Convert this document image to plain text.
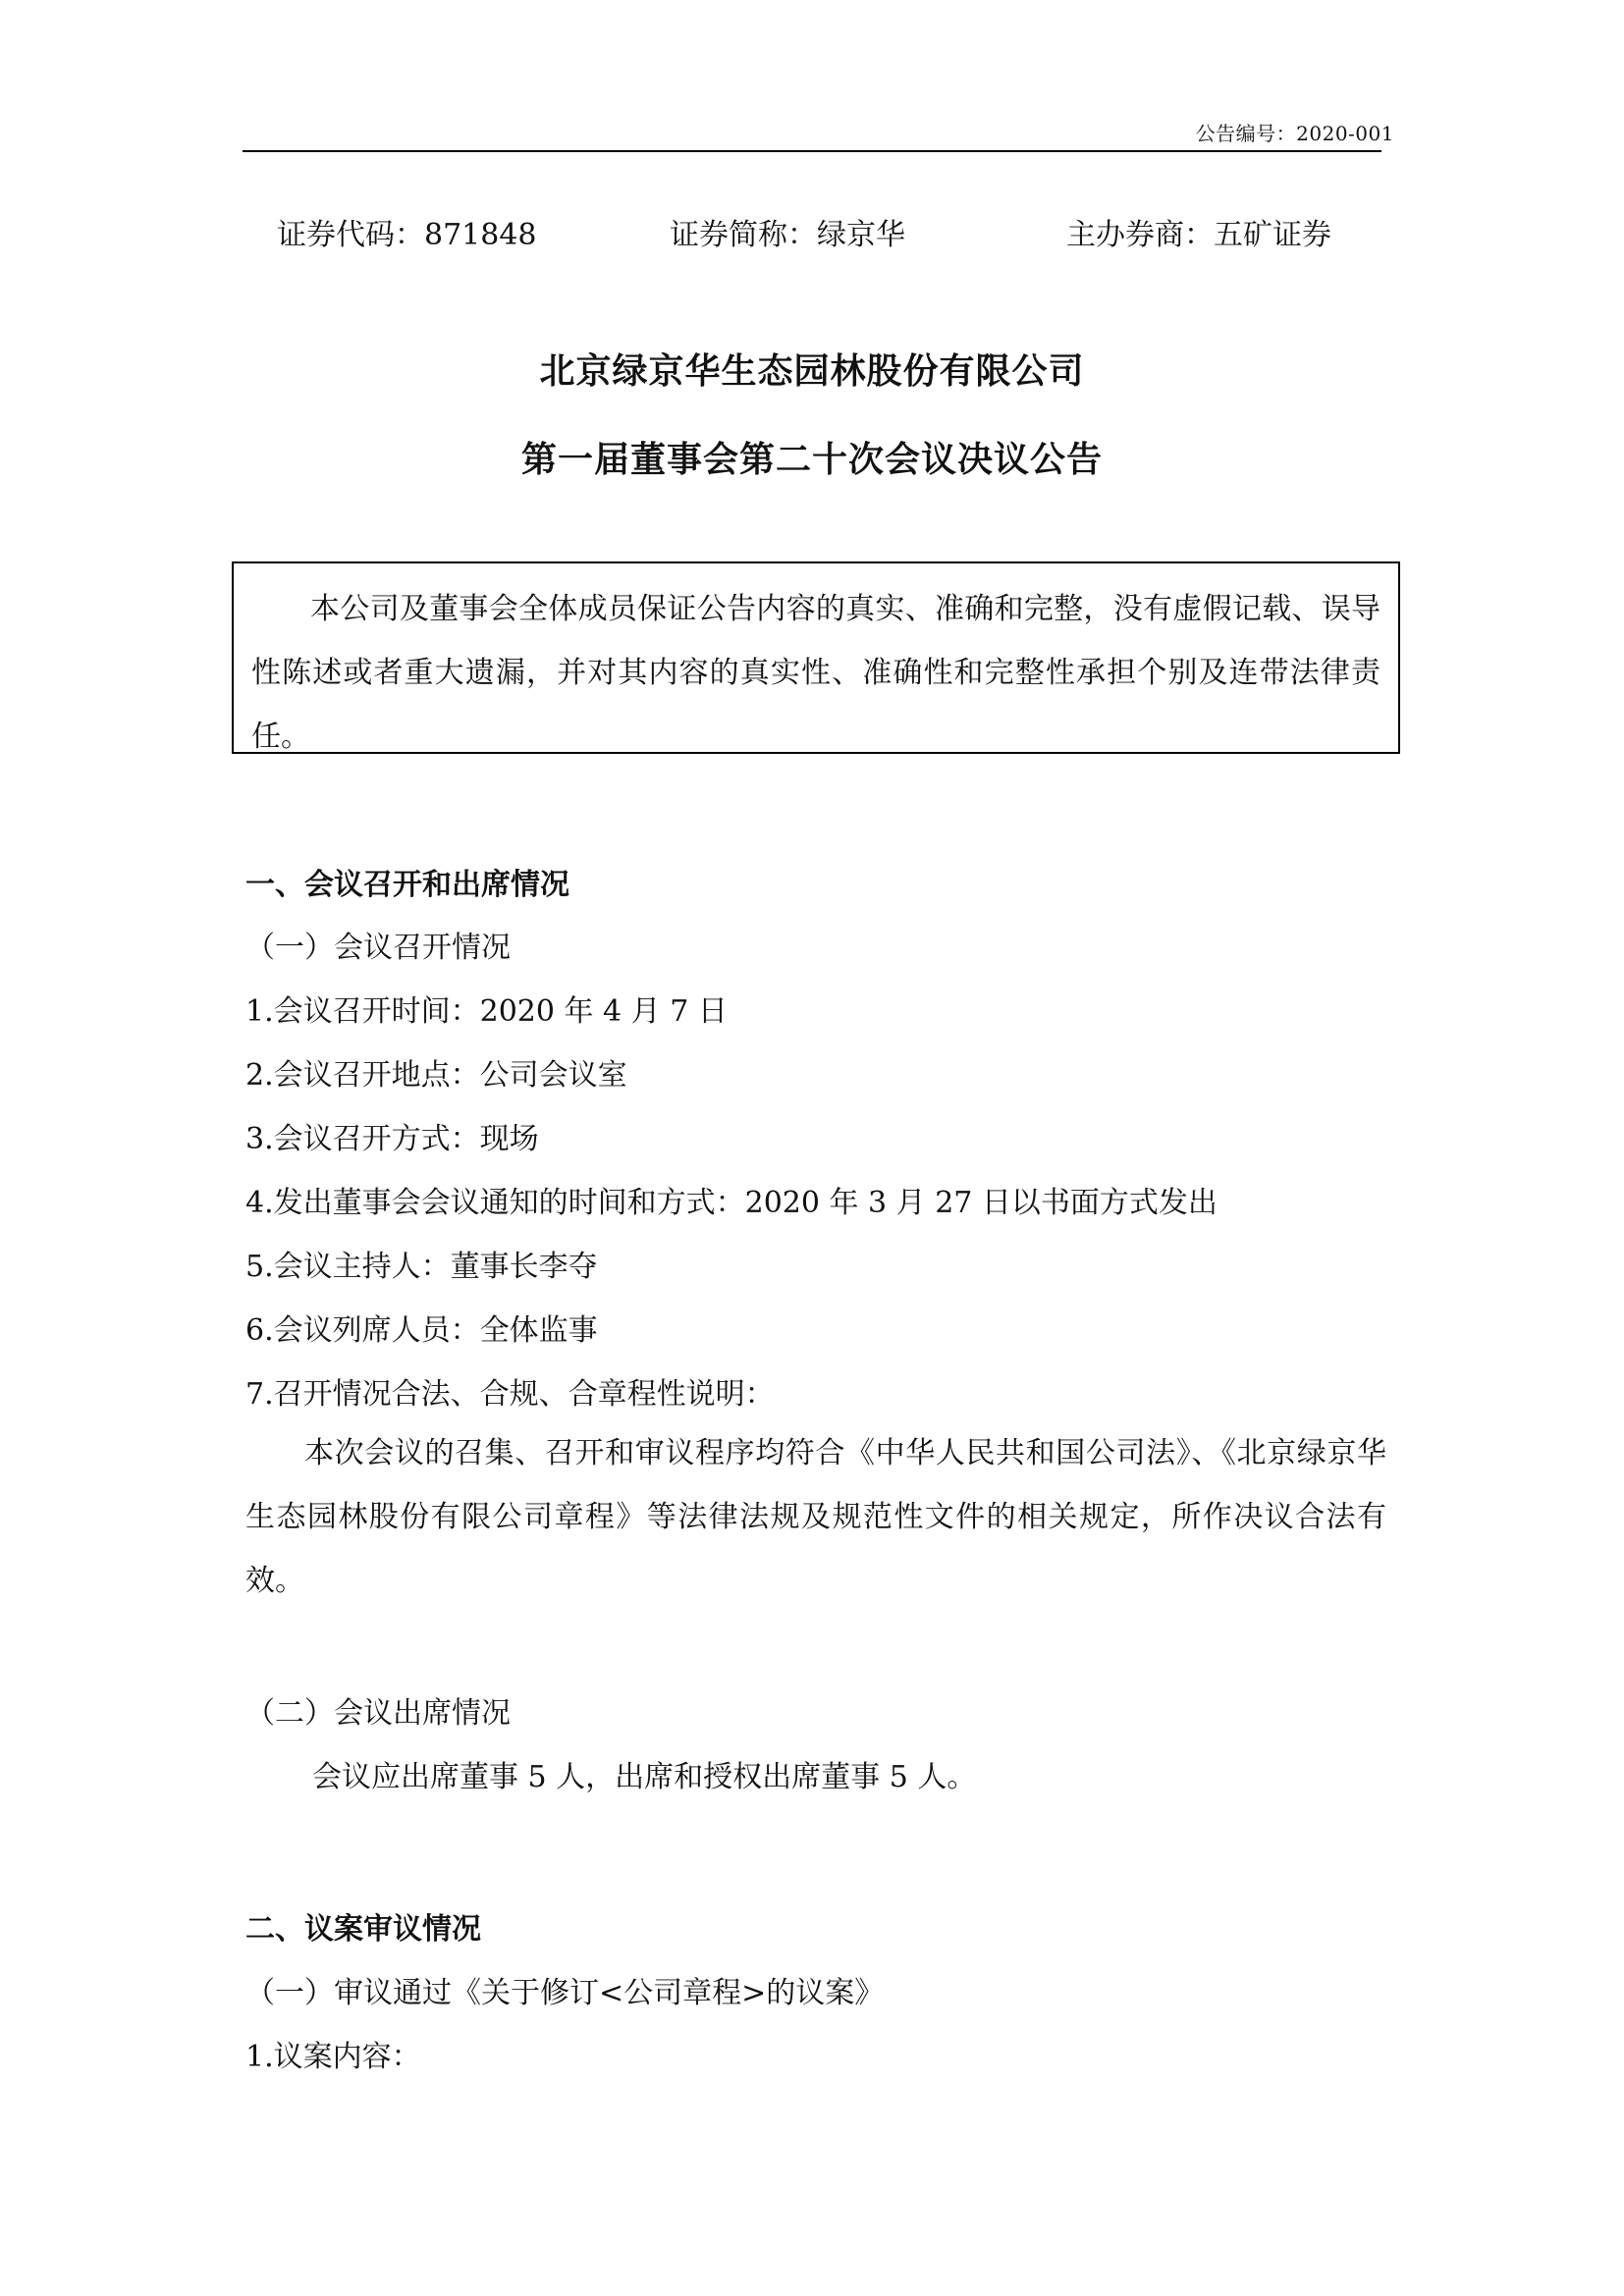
公告编号：2020-001
证券代码：871848	证券简称：绿京华	主办券商：五矿证券
北京绿京华生态园林股份有限公司
第一届董事会第二十次会议决议公告

本公司及董事会全体成员保证公告内容的真实、准确和完整，没有虚假记载、误导性陈述或者重大遗漏，并对其内容的真实性、准确性和完整性承担个别及连带法律责任。

一、会议召开和出席情况
（一）会议召开情况
1.会议召开时间：2020 年 4 月 7 日
2.会议召开地点：公司会议室
3.会议召开方式：现场
4.发出董事会会议通知的时间和方式：2020 年 3 月 27 日以书面方式发出
5.会议主持人：董事长李夺
6.会议列席人员：全体监事
7.召开情况合法、合规、合章程性说明：

本次会议的召集、召开和审议程序均符合《中华人民共和国公司法》、《北京绿京华生态园林股份有限公司章程》等法律法规及规范性文件的相关规定，所作决议合法有效。

（二）会议出席情况
会议应出席董事 5 人，出席和授权出席董事 5 人。
二、议案审议情况
（一）审议通过《关于修订<公司章程>的议案》
1.议案内容：
